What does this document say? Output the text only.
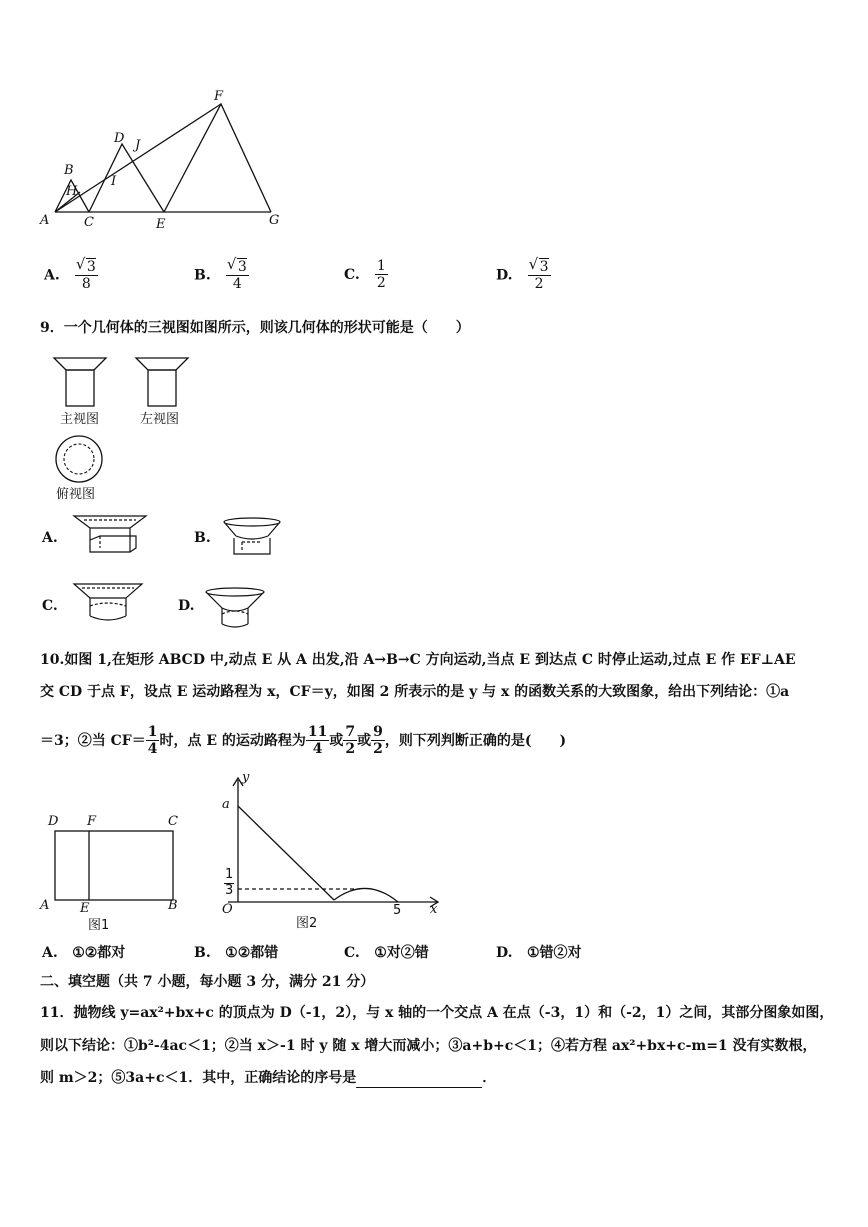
A
B
C
D
E
F
G
H
I
J
A. √ $\frac{3}{8}$	B. √ $\frac{3}{4}$	C. $\frac{1}{2}$	D. √ $\frac{3}{2}$
9．一个几何体的三视图如图所示，则该几何体的形状可能是（　　）
主视图	左视图
俯视图
A.	B.
C.	D.
10.如图 1,在矩形 ABCD 中,动点 E 从 A 出发,沿 A→B→C 方向运动,当点 E 到达点 C 时停止运动,过点 E 作 EF⊥AE
交 CD 于点 F，设点 E 运动路程为 x，CF＝y，如图 2 所表示的是 y 与 x 的函数关系的大致图象，给出下列结论：①a
＝3；②当 $CF= \frac{1}{4}$ 时，点 E 的运动路程为 $\frac{11}{4}$ 或 $\frac{7}{2}$ 或 $\frac{9}{2}$ ，则下列判断正确的是(　　)
D F	C
A E	B
图1
y
a
1
3
O	5 x
图2
A. ①②都对	B. ①②都错	C. ①对②错	D. ①错②对
二、填空题（共 7 小题，每小题 3 分，满分 21 分）
11．抛物线 y=ax²+bx+c 的顶点为 D（-1，2），与 x 轴的一个交点 A 在点（-3，1）和（-2，1）之间，其部分图象如图，
则以下结论：①b²-4ac＜1；②当 x＞-1 时 y 随 x 增大而减小；③a+b+c＜1；④若方程 ax²+bx+c-m=1 没有实数根，
则 m＞2；⑤3a+c＜1．其中，正确结论的序号是	．
